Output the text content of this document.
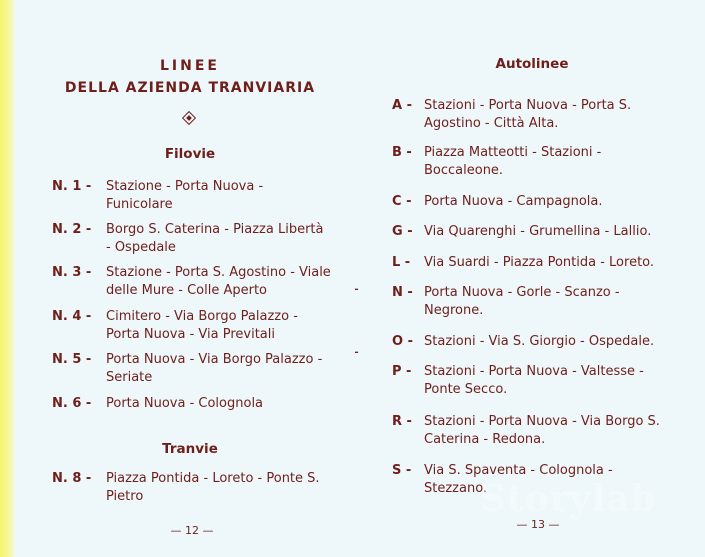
LINEE
DELLA AZIENDA TRANVIARIA
Filovie
N. 1 - Stazione - Porta Nuova - Funicolare
N. 2 - Borgo S. Caterina - Piazza Libertà - Ospedale
N. 3 - Stazione - Porta S. Agostino - Viale delle Mure - Colle Aperto
N. 4 - Cimitero - Via Borgo Palazzo - Porta Nuova - Via Previtali
N. 5 - Porta Nuova - Via Borgo Palazzo - Seriate
N. 6 - Porta Nuova - Colognola
Tranvie
N. 8 - Piazza Pontida - Loreto - Ponte S. Pietro
— 12 —
Autolinee
A - Stazioni - Porta Nuova - Porta S. Agostino - Città Alta.
B - Piazza Matteotti - Stazioni - Boccaleone.
C - Porta Nuova - Campagnola.
G - Via Quarenghi - Grumellina - Lallio.
L - Via Suardi - Piazza Pontida - Loreto.
N - Porta Nuova - Gorle - Scanzo - Negrone.
O - Stazioni - Via S. Giorgio - Ospedale.
P - Stazioni - Porta Nuova - Valtesse - Ponte Secco.
R - Stazioni - Porta Nuova - Via Borgo S. Caterina - Redona.
S - Via S. Spaventa - Colognola - Stezzano.
— 13 —
⁃
⁃
Storylab
